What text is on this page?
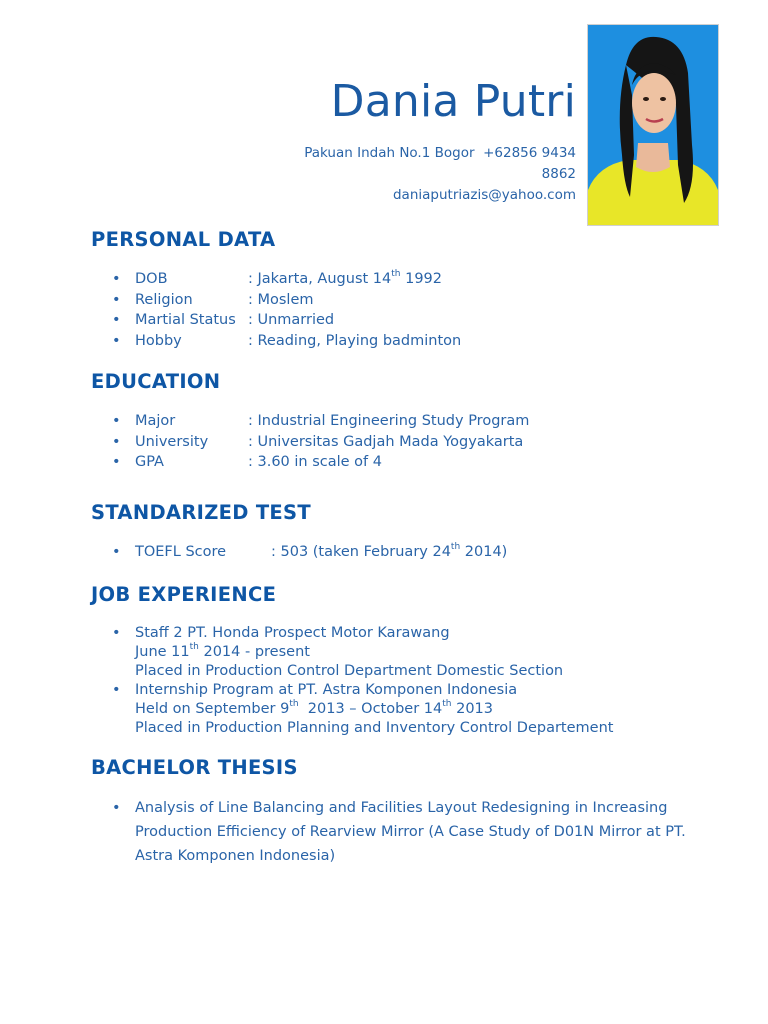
Dania Putri
Pakuan Indah No.1 Bogor  +62856 9434
8862
daniaputriazis@yahoo.com
PERSONAL DATA
• DOB	: Jakarta, August 14th 1992
• Religion	: Moslem
• Martial Status : Unmarried
• Hobby	: Reading, Playing badminton
EDUCATION
• Major	: Industrial Engineering Study Program
• University	: Universitas Gadjah Mada Yogyakarta
• GPA	: 3.60 in scale of 4
STANDARIZED TEST
• TOEFL Score	: 503 (taken February 24th 2014)
JOB EXPERIENCE
• Staff 2 PT. Honda Prospect Motor Karawang
June 11th 2014 - present
Placed in Production Control Department Domestic Section
• Internship Program at PT. Astra Komponen Indonesia
Held on September 9th  2013 – October 14th 2013
Placed in Production Planning and Inventory Control Departement
BACHELOR THESIS
• Analysis of Line Balancing and Facilities Layout Redesigning in Increasing Production Efficiency of Rearview Mirror (A Case Study of D01N Mirror at PT. Astra Komponen Indonesia)
